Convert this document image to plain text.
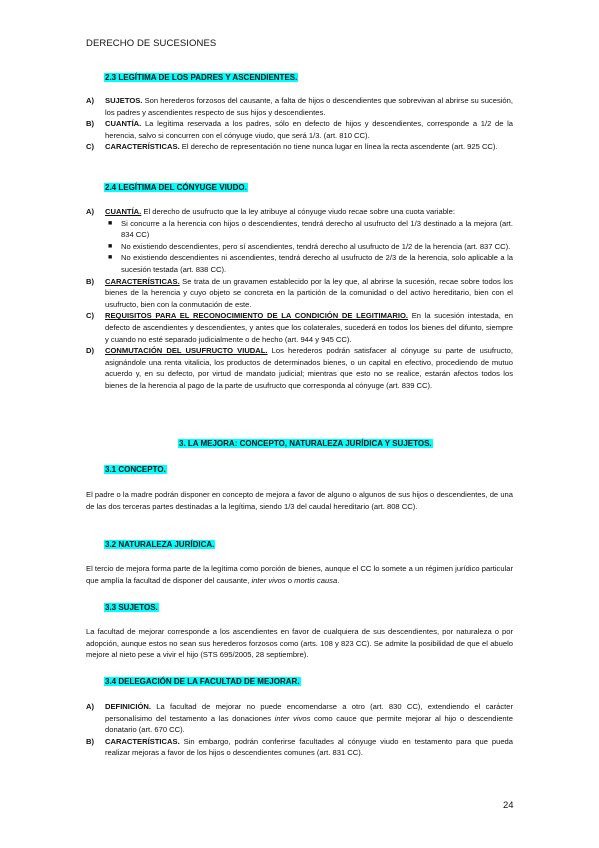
DERECHO DE SUCESIONES
2.3 LEGÍTIMA DE LOS PADRES Y ASCENDIENTES.
A) SUJETOS. Son herederos forzosos del causante, a falta de hijos o descendientes que sobrevivan al abrirse su sucesión, los padres y ascendientes respecto de sus hijos y descendientes.
B) CUANTÍA. La legítima reservada a los padres, sólo en defecto de hijos y descendientes, corresponde a 1/2 de la herencia, salvo si concurren con el cónyuge viudo, que será 1/3. (art. 810 CC).
C) CARACTERÍSTICAS. El derecho de representación no tiene nunca lugar en línea la recta ascendente (art. 925 CC).
2.4 LEGÍTIMA DEL CÓNYUGE VIUDO.
A) CUANTÍA. El derecho de usufructo que la ley atribuye al cónyuge viudo recae sobre una cuota variable:
■ Si concurre a la herencia con hijos o descendientes, tendrá derecho al usufructo del 1/3 destinado a la mejora (art. 834 CC)
■ No existiendo descendientes, pero sí ascendientes, tendrá derecho al usufructo de 1/2 de la herencia (art. 837 CC).
■ No existiendo descendientes ni ascendientes, tendrá derecho al usufructo de 2/3 de la herencia, solo aplicable a la sucesión testada (art. 838 CC).
B) CARACTERÍSTICAS. Se trata de un gravamen establecido por la ley que, al abrirse la sucesión, recae sobre todos los bienes de la herencia y cuyo objeto se concreta en la partición de la comunidad o del activo hereditario, bien con el usufructo, bien con la conmutación de este.
C) REQUISITOS PARA EL RECONOCIMIENTO DE LA CONDICIÓN DE LEGITIMARIO. En la sucesión intestada, en defecto de ascendientes y descendientes, y antes que los colaterales, sucederá en todos los bienes del difunto, siempre y cuando no esté separado judicialmente o de hecho (art. 944 y 945 CC).
D) CONMUTACIÓN DEL USUFRUCTO VIUDAL. Los herederos podrán satisfacer al cónyuge su parte de usufructo, asignándole una renta vitalicia, los productos de determinados bienes, o un capital en efectivo, procediendo de mutuo acuerdo y, en su defecto, por virtud de mandato judicial; mientras que esto no se realice, estarán afectos todos los bienes de la herencia al pago de la parte de usufructo que corresponda al cónyuge (art. 839 CC).
3. LA MEJORA: CONCEPTO, NATURALEZA JURÍDICA Y SUJETOS.
3.1 CONCEPTO.

El padre o la madre podrán disponer en concepto de mejora a favor de alguno o algunos de sus hijos o descendientes, de una de las dos terceras partes destinadas a la legítima, siendo 1/3 del caudal hereditario (art. 808 CC).

3.2 NATURALEZA JURÍDICA.

El tercio de mejora forma parte de la legítima como porción de bienes, aunque el CC lo somete a un régimen jurídico particular que amplía la facultad de disponer del causante, inter vivos o mortis causa.

3.3 SUJETOS.

La facultad de mejorar corresponde a los ascendientes en favor de cualquiera de sus descendientes, por naturaleza o por adopción, aunque estos no sean sus herederos forzosos como (arts. 108 y 823 CC). Se admite la posibilidad de que el abuelo mejore al nieto pese a vivir el hijo (STS 695/2005, 28 septiembre).

3.4 DELEGACIÓN DE LA FACULTAD DE MEJORAR.
A) DEFINICIÓN. La facultad de mejorar no puede encomendarse a otro (art. 830 CC), extendiendo el carácter personalísimo del testamento a las donaciones inter vivos como cauce que permite mejorar al hijo o descendiente donatario (art. 670 CC).
B) CARACTERÍSTICAS. Sin embargo, podrán conferirse facultades al cónyuge viudo en testamento para que pueda realizar mejoras a favor de los hijos o descendientes comunes (art. 831 CC).
24
